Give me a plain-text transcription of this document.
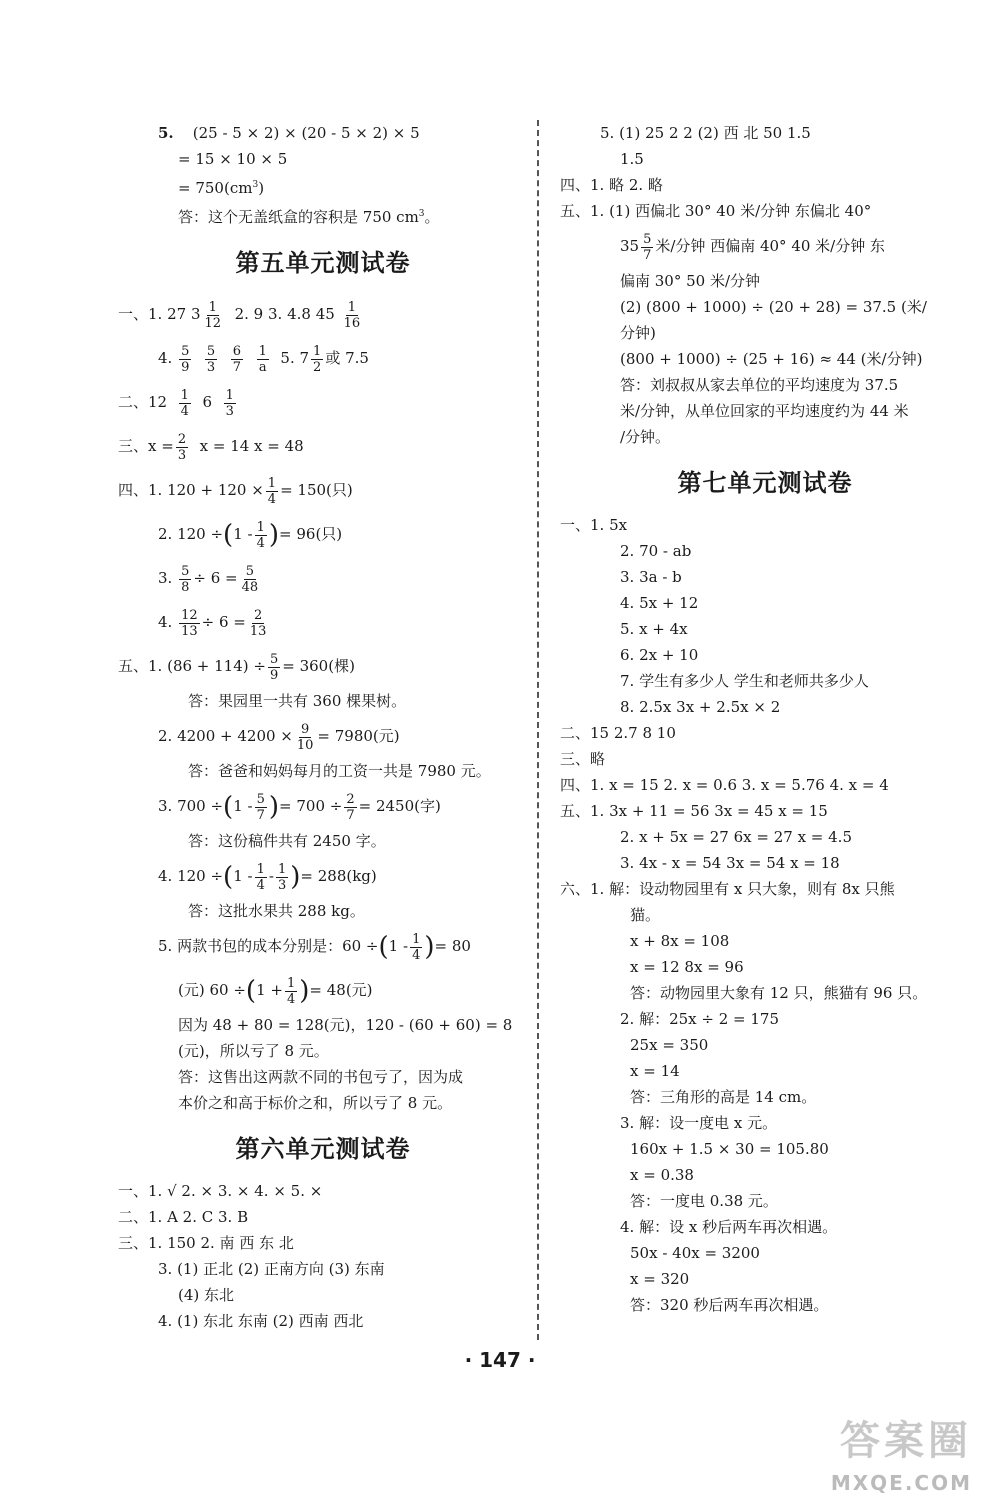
5. (25 - 5 × 2) × (20 - 5 × 2) × 5
= 15 × 10 × 5
= $750(cm^3)$
答：这个无盖纸盒的容积是 750 $cm^3$。
第五单元测试卷
一、1. 27 $3 \frac{1}{12} 2$. 9 3. 4.8 $45 \frac{1}{16}$
4. $\frac{5}{9}$
$\frac{5}{3}$
$\frac{6}{7}$
$\frac{1}{a} 5$. $7 \frac{1}{2}$ 或 7.5
二、$12 \frac{1}{4} 6 \frac{1}{3}$
三、$x = \frac{2}{3}$ x = 14 x = 48
四、1. $120 + 120 \times \frac{1}{4} = 150$(只)
2. $120 \div(1 - \frac{1}{4}$ )= 96(只)
3. $\frac{5}{8} \div 6 = \frac{5}{48}$
4. $\frac{12}{13} \div 6 = \frac{2}{13}$
五、1. $(86 + 114) \div \frac{5}{9} = 360$(棵)
答：果园里一共有 360 棵果树。
2. $4200 + 4200 \times \frac{9}{10} = 7980$(元)
答：爸爸和妈妈每月的工资一共是 7980 元。
3. $700 \div(1 - \frac{5}{7}$ )= $700 \div \frac{2}{7} = 2450$(字)
答：这份稿件共有 2450 字。
4. $120 \div(1 - \frac{1}{4} - \frac{1}{3}$ )= 288(kg)
答：这批水果共 288 kg。
5. 两款书包的成本分别是：$60 \div(1 - \frac{1}{4}$ )= 80
(元) $60 \div(1 + \frac{1}{4}$ )= 48(元)
因为 48 + 80 = 128(元)，120 - (60 + 60) = 8
(元)，所以亏了 8 元。
答：这售出这两款不同的书包亏了，因为成
本价之和高于标价之和，所以亏了 8 元。
第六单元测试卷
一、1. √ 2. × 3. × 4. × 5. ×
二、1. A 2. C 3. B
三、1. 150 2. 南 西 东 北
3. (1) 正北 (2) 正南方向 (3) 东南
(4) 东北
4. (1) 东北 东南 (2) 西南 西北
5. (1) 25 2 2 (2) 西 北 50 1.5
1.5
四、1. 略 2. 略
五、1. (1) 西偏北 30° 40 米/分钟 东偏北 40°
$35 \frac{5}{7}$ 米/分钟 西偏南 40° 40 米/分钟 东
偏南 30° 50 米/分钟
(2) (800 + 1000) ÷ (20 + 28) = 37.5 (米/
分钟)
(800 + 1000) ÷ (25 + 16) ≈ 44 (米/分钟)
答：刘叔叔从家去单位的平均速度为 37.5
米/分钟，从单位回家的平均速度约为 44 米
/分钟。
第七单元测试卷
一、1. 5x
2. 70 - ab
3. 3a - b
4. 5x + 12
5. x + 4x
6. 2x + 10
7. 学生有多少人 学生和老师共多少人
8. 2.5x 3x + 2.5x × 2
二、15 2.7 8 10
三、略
四、1. x = 15 2. x = 0.6 3. x = 5.76 4. x = 4
五、1. 3x + 11 = 56 3x = 45 x = 15
2. x + 5x = 27 6x = 27 x = 4.5
3. 4x - x = 54 3x = 54 x = 18
六、1. 解：设动物园里有 x 只大象，则有 8x 只熊
猫。
x + 8x = 108
x = 12 8x = 96
答：动物园里大象有 12 只，熊猫有 96 只。
2. 解：25x ÷ 2 = 175
25x = 350
x = 14
答：三角形的高是 14 cm。
3. 解：设一度电 x 元。
160x + 1.5 × 30 = 105.80
x = 0.38
答：一度电 0.38 元。
4. 解：设 x 秒后两车再次相遇。
50x - 40x = 3200
x = 320
答：320 秒后两车再次相遇。
· 147 ·
答案圈
MXQE.COM
